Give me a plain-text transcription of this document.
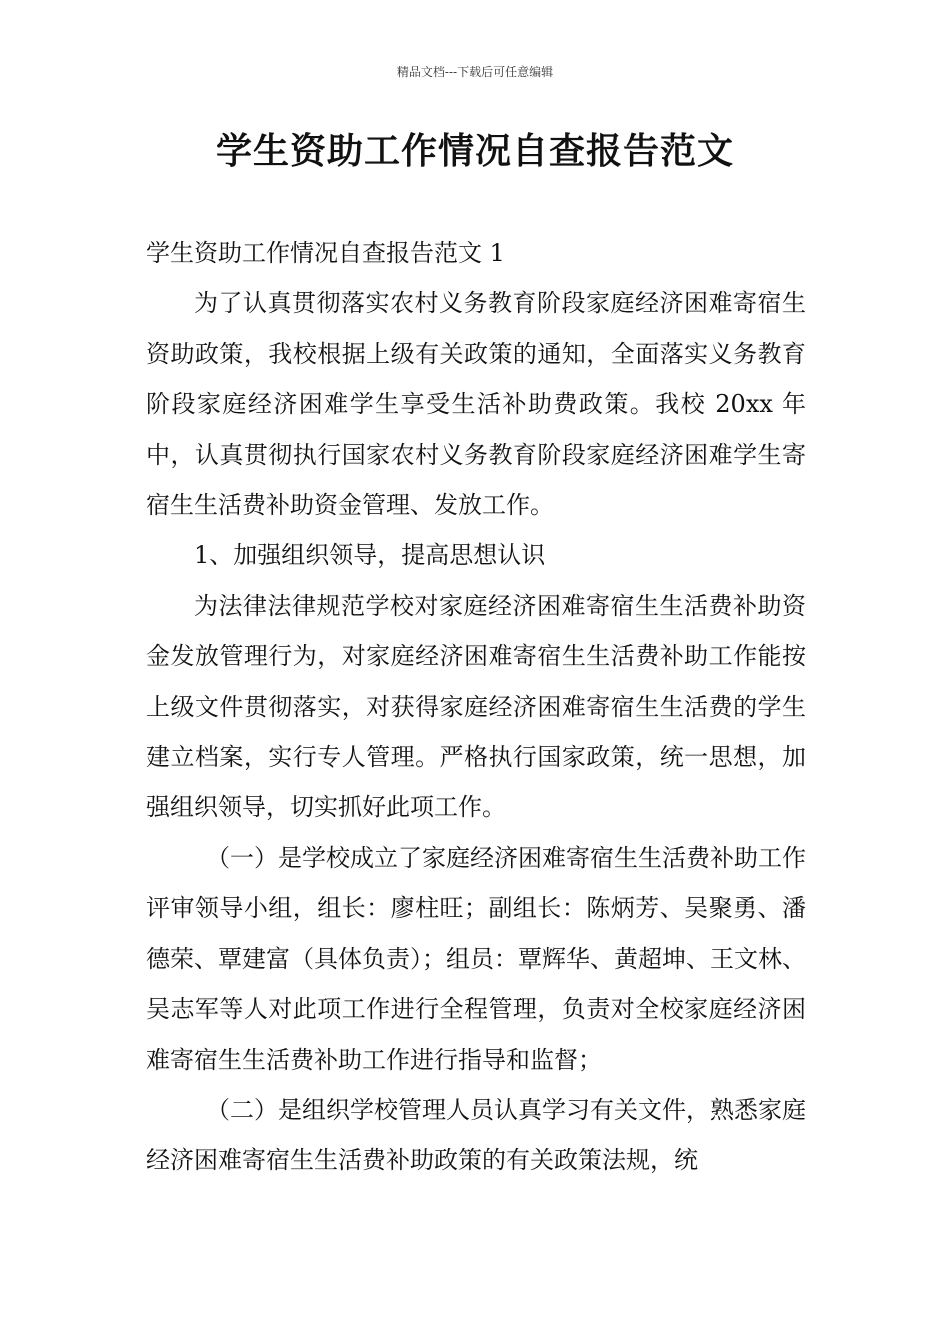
精品文档---下载后可任意编辑
学生资助工作情况自查报告范文

学生资助工作情况自查报告范文 1

为了认真贯彻落实农村义务教育阶段家庭经济困难寄宿生资助政策，我校根据上级有关政策的通知，全面落实义务教育阶段家庭经济困难学生享受生活补助费政策。我校 20xx 年中，认真贯彻执行国家农村义务教育阶段家庭经济困难学生寄宿生生活费补助资金管理、发放工作。

1、加强组织领导，提高思想认识

为法律法律规范学校对家庭经济困难寄宿生生活费补助资金发放管理行为，对家庭经济困难寄宿生生活费补助工作能按上级文件贯彻落实，对获得家庭经济困难寄宿生生活费的学生建立档案，实行专人管理。严格执行国家政策，统一思想，加强组织领导，切实抓好此项工作。

（一）是学校成立了家庭经济困难寄宿生生活费补助工作评审领导小组，组长：廖柱旺；副组长：陈炳芳、吴聚勇、潘德荣、覃建富（具体负责）；组员：覃辉华、黄超坤、王文林、吴志军等人对此项工作进行全程管理，负责对全校家庭经济困难寄宿生生活费补助工作进行指导和监督；

（二）是组织学校管理人员认真学习有关文件，熟悉家庭经济困难寄宿生生活费补助政策的有关政策法规，统
